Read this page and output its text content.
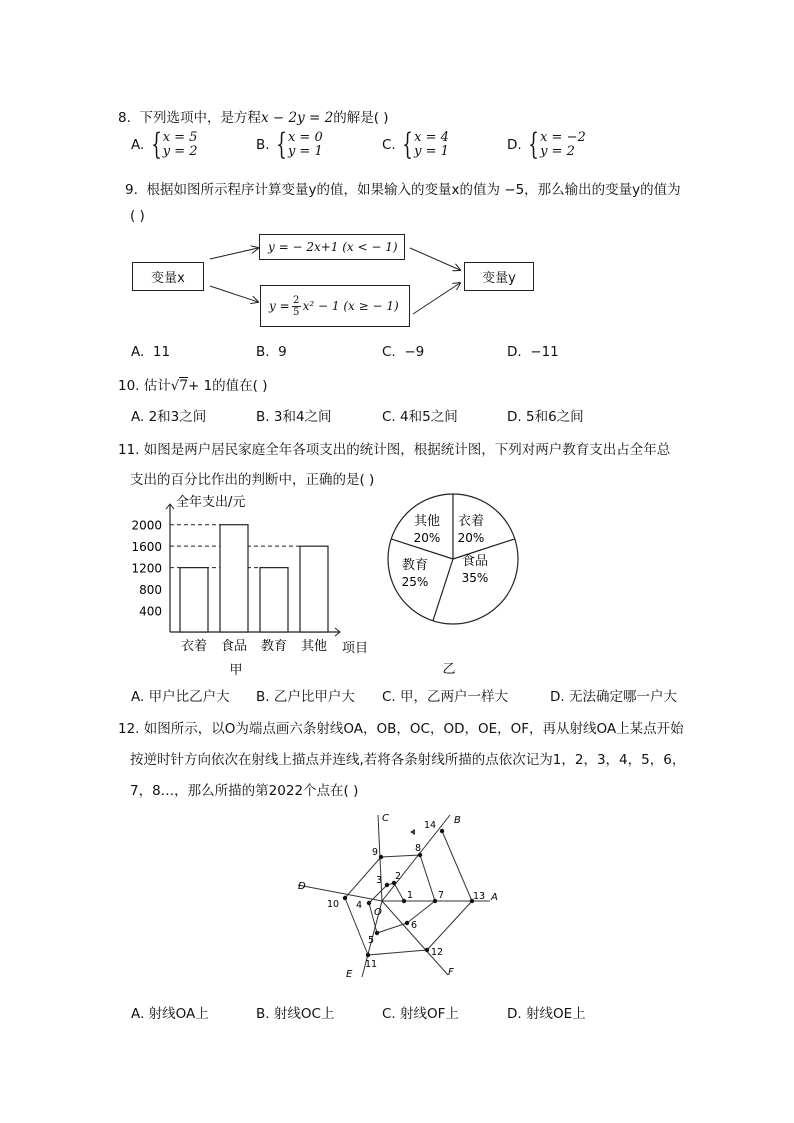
8. 下列选项中，是方程x − 2y = 2的解是( )
A. { x = 5
y = 2	B. { x = 0
y = 1	C. { x = 4
y = 1	D. { x = −2
y = 2
9. 根据如图所示程序计算变量y的值，如果输入的变量x的值为 −5，那么输出的变量y的值为
( )
变量x
y = − 2x+1 (x < − 1)
y = 2
5 x² − 1 (x ≥ − 1)
变量y
A. 11	B. 9	C. −9	D. −11
10. 估计√7+ 1的值在( )
A. 2和3之间	B. 3和4之间	C. 4和5之间	D. 5和6之间
11. 如图是两户居民家庭全年各项支出的统计图，根据统计图，下列对两户教育支出占全年总
支出的百分比作出的判断中，正确的是( )
全年支出/元
项目
400
800
1200
1600
2000
衣着 食品 教育 其他
甲
衣着
20%
食品
35%
教育
25%
其他
20%
乙
A. 甲户比乙户大 B. 乙户比甲户大 C. 甲，乙两户一样大	D. 无法确定哪一户大
12. 如图所示，以O为端点画六条射线OA，OB，OC，OD，OE，OF，再从射线OA上某点开始
按逆时针方向依次在射线上描点并连线,若将各条射线所描的点依次记为1，2，3，4，5，6，
7，8…，那么所描的第2022个点在( )
A
B
C
D
E	F
O
1
2
3
4
5
6
7
8
9
10
11
12
13
14
A. 射线OA上	B. 射线OC上	C. 射线OF上	D. 射线OE上
